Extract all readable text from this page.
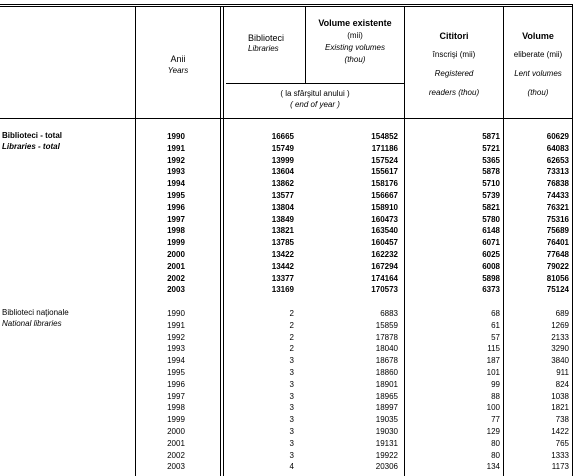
Anii
Years
Biblioteci
Libraries
Volume existente
(mii)
Existing volumes
(thou)
( la sfârşitul anului )
( end of year )
Cititori
înscrişi (mii)
Registered
readers (thou)
Volume
eliberate (mii)
Lent volumes
(thou)
Biblioteci - total
Libraries - total
Biblioteci naţionale
National libraries
1990	16665	154852	5871	60629
1991	15749	171186	5721	64083
1992	13999	157524	5365	62653
1993	13604	155617	5878	73313
1994	13862	158176	5710	76838
1995	13577	156667	5739	74433
1996	13804	158910	5821	76321
1997	13849	160473	5780	75316
1998	13821	163540	6148	75689
1999	13785	160457	6071	76401
2000	13422	162232	6025	77648
2001	13442	167294	6008	79022
2002	13377	174164	5898	81056
2003	13169	170573	6373	75124
1990	2	6883	68	689
1991	2	15859	61	1269
1992	2	17878	57	2133
1993	2	18040	115	3290
1994	3	18678	187	3840
1995	3	18860	101	911
1996	3	18901	99	824
1997	3	18965	88	1038
1998	3	18997	100	1821
1999	3	19035	77	738
2000	3	19030	129	1422
2001	3	19131	80	765
2002	3	19922	80	1333
2003	4	20306	134	1173
